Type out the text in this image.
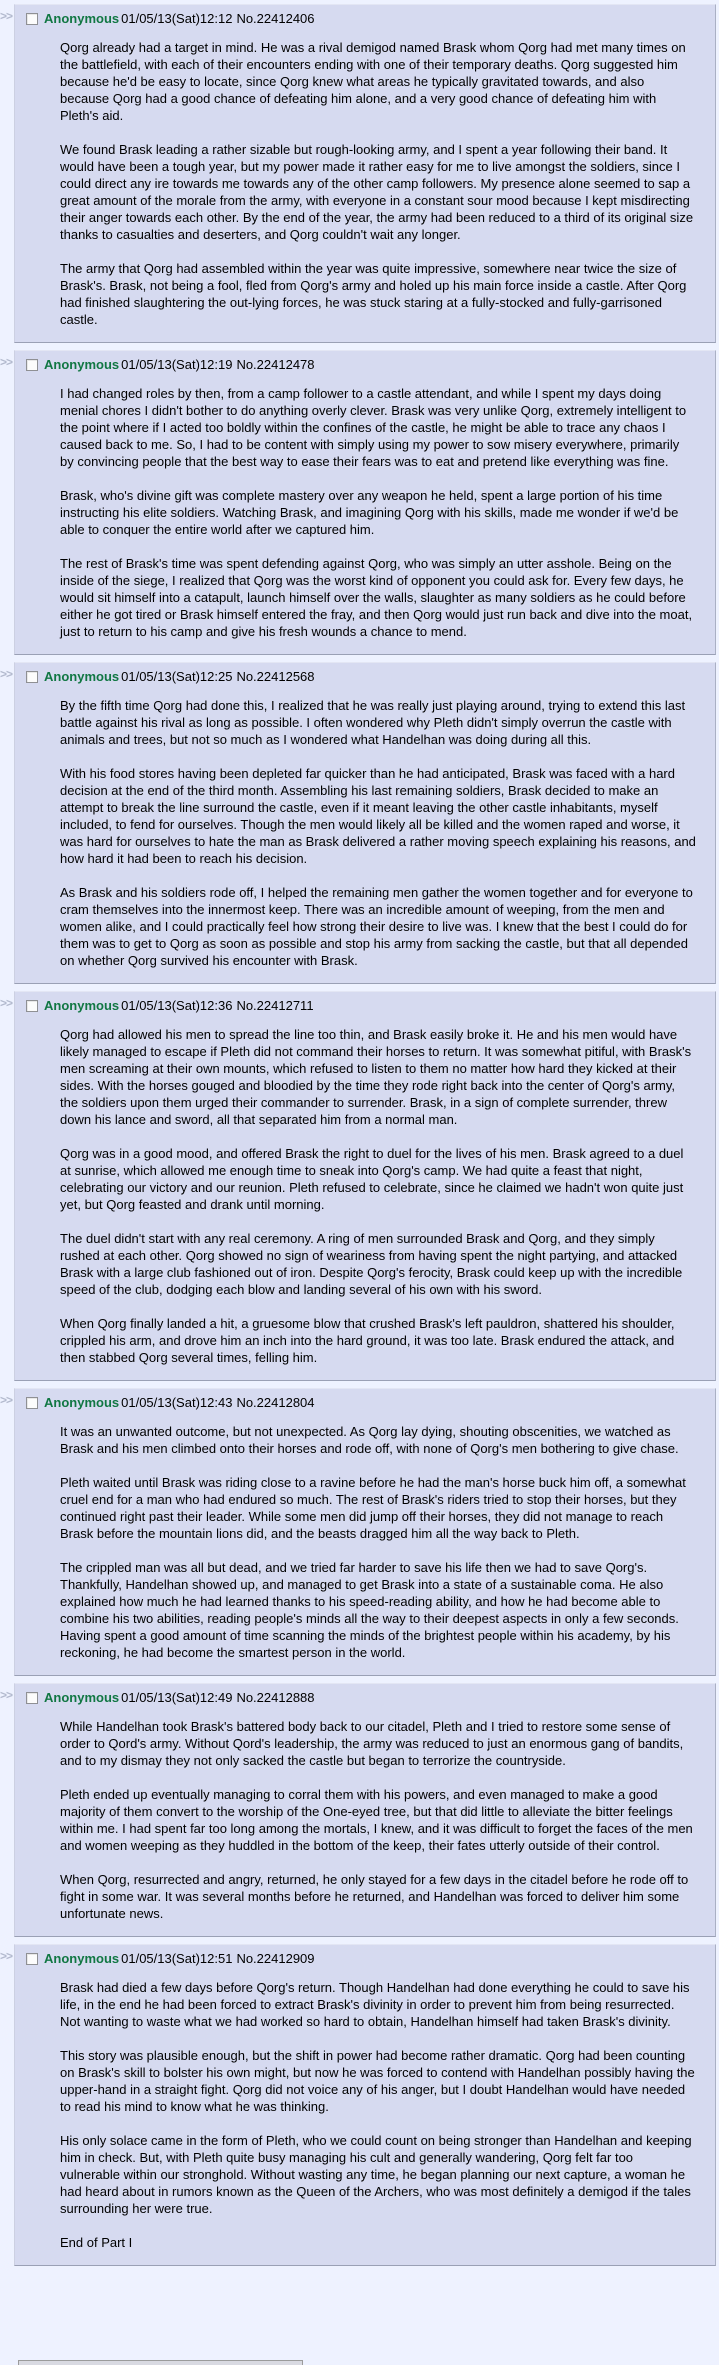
>> Anonymous 01/05/13(Sat)12:12 No.22412406

Qorg already had a target in mind. He was a rival demigod named Brask whom Qorg had met many times on the battlefield, with each of their encounters ending with one of their temporary deaths. Qorg suggested him because he'd be easy to locate, since Qorg knew what areas he typically gravitated towards, and also because Qorg had a good chance of defeating him alone, and a very good chance of defeating him with Pleth's aid.

We found Brask leading a rather sizable but rough-looking army, and I spent a year following their band. It would have been a tough year, but my power made it rather easy for me to live amongst the soldiers, since I could direct any ire towards me towards any of the other camp followers. My presence alone seemed to sap a great amount of the morale from the army, with everyone in a constant sour mood because I kept misdirecting their anger towards each other. By the end of the year, the army had been reduced to a third of its original size thanks to casualties and deserters, and Qorg couldn't wait any longer.

The army that Qorg had assembled within the year was quite impressive, somewhere near twice the size of Brask's. Brask, not being a fool, fled from Qorg's army and holed up his main force inside a castle. After Qorg had finished slaughtering the out-lying forces, he was stuck staring at a fully-stocked and fully-garrisoned castle.

>> Anonymous 01/05/13(Sat)12:19 No.22412478

I had changed roles by then, from a camp follower to a castle attendant, and while I spent my days doing menial chores I didn't bother to do anything overly clever. Brask was very unlike Qorg, extremely intelligent to the point where if I acted too boldly within the confines of the castle, he might be able to trace any chaos I caused back to me. So, I had to be content with simply using my power to sow misery everywhere, primarily by convincing people that the best way to ease their fears was to eat and pretend like everything was fine.

Brask, who's divine gift was complete mastery over any weapon he held, spent a large portion of his time instructing his elite soldiers. Watching Brask, and imagining Qorg with his skills, made me wonder if we'd be able to conquer the entire world after we captured him.

The rest of Brask's time was spent defending against Qorg, who was simply an utter asshole. Being on the inside of the siege, I realized that Qorg was the worst kind of opponent you could ask for. Every few days, he would sit himself into a catapult, launch himself over the walls, slaughter as many soldiers as he could before either he got tired or Brask himself entered the fray, and then Qorg would just run back and dive into the moat, just to return to his camp and give his fresh wounds a chance to mend.

>> Anonymous 01/05/13(Sat)12:25 No.22412568

By the fifth time Qorg had done this, I realized that he was really just playing around, trying to extend this last battle against his rival as long as possible. I often wondered why Pleth didn't simply overrun the castle with animals and trees, but not so much as I wondered what Handelhan was doing during all this.

With his food stores having been depleted far quicker than he had anticipated, Brask was faced with a hard decision at the end of the third month. Assembling his last remaining soldiers, Brask decided to make an attempt to break the line surround the castle, even if it meant leaving the other castle inhabitants, myself included, to fend for ourselves. Though the men would likely all be killed and the women raped and worse, it was hard for ourselves to hate the man as Brask delivered a rather moving speech explaining his reasons, and how hard it had been to reach his decision.

As Brask and his soldiers rode off, I helped the remaining men gather the women together and for everyone to cram themselves into the innermost keep. There was an incredible amount of weeping, from the men and women alike, and I could practically feel how strong their desire to live was. I knew that the best I could do for them was to get to Qorg as soon as possible and stop his army from sacking the castle, but that all depended on whether Qorg survived his encounter with Brask.

>> Anonymous 01/05/13(Sat)12:36 No.22412711

Qorg had allowed his men to spread the line too thin, and Brask easily broke it. He and his men would have likely managed to escape if Pleth did not command their horses to return. It was somewhat pitiful, with Brask's men screaming at their own mounts, which refused to listen to them no matter how hard they kicked at their sides. With the horses gouged and bloodied by the time they rode right back into the center of Qorg's army, the soldiers upon them urged their commander to surrender. Brask, in a sign of complete surrender, threw down his lance and sword, all that separated him from a normal man.

Qorg was in a good mood, and offered Brask the right to duel for the lives of his men. Brask agreed to a duel at sunrise, which allowed me enough time to sneak into Qorg's camp. We had quite a feast that night, celebrating our victory and our reunion. Pleth refused to celebrate, since he claimed we hadn't won quite just yet, but Qorg feasted and drank until morning.

The duel didn't start with any real ceremony. A ring of men surrounded Brask and Qorg, and they simply rushed at each other. Qorg showed no sign of weariness from having spent the night partying, and attacked Brask with a large club fashioned out of iron. Despite Qorg's ferocity, Brask could keep up with the incredible speed of the club, dodging each blow and landing several of his own with his sword.

When Qorg finally landed a hit, a gruesome blow that crushed Brask's left pauldron, shattered his shoulder, crippled his arm, and drove him an inch into the hard ground, it was too late. Brask endured the attack, and then stabbed Qorg several times, felling him.

>> Anonymous 01/05/13(Sat)12:43 No.22412804

It was an unwanted outcome, but not unexpected. As Qorg lay dying, shouting obscenities, we watched as Brask and his men climbed onto their horses and rode off, with none of Qorg's men bothering to give chase.

Pleth waited until Brask was riding close to a ravine before he had the man's horse buck him off, a somewhat cruel end for a man who had endured so much. The rest of Brask's riders tried to stop their horses, but they continued right past their leader. While some men did jump off their horses, they did not manage to reach Brask before the mountain lions did, and the beasts dragged him all the way back to Pleth.

The crippled man was all but dead, and we tried far harder to save his life then we had to save Qorg's. Thankfully, Handelhan showed up, and managed to get Brask into a state of a sustainable coma. He also explained how much he had learned thanks to his speed-reading ability, and how he had become able to combine his two abilities, reading people's minds all the way to their deepest aspects in only a few seconds. Having spent a good amount of time scanning the minds of the brightest people within his academy, by his reckoning, he had become the smartest person in the world.

>> Anonymous 01/05/13(Sat)12:49 No.22412888

While Handelhan took Brask's battered body back to our citadel, Pleth and I tried to restore some sense of order to Qord's army. Without Qord's leadership, the army was reduced to just an enormous gang of bandits, and to my dismay they not only sacked the castle but began to terrorize the countryside.

Pleth ended up eventually managing to corral them with his powers, and even managed to make a good majority of them convert to the worship of the One-eyed tree, but that did little to alleviate the bitter feelings within me. I had spent far too long among the mortals, I knew, and it was difficult to forget the faces of the men and women weeping as they huddled in the bottom of the keep, their fates utterly outside of their control.

When Qorg, resurrected and angry, returned, he only stayed for a few days in the citadel before he rode off to fight in some war. It was several months before he returned, and Handelhan was forced to deliver him some unfortunate news.

>> Anonymous 01/05/13(Sat)12:51 No.22412909

Brask had died a few days before Qorg's return. Though Handelhan had done everything he could to save his life, in the end he had been forced to extract Brask's divinity in order to prevent him from being resurrected. Not wanting to waste what we had worked so hard to obtain, Handelhan himself had taken Brask's divinity.

This story was plausible enough, but the shift in power had become rather dramatic. Qorg had been counting on Brask's skill to bolster his own might, but now he was forced to contend with Handelhan possibly having the upper-hand in a straight fight. Qorg did not voice any of his anger, but I doubt Handelhan would have needed to read his mind to know what he was thinking.

His only solace came in the form of Pleth, who we could count on being stronger than Handelhan and keeping him in check. But, with Pleth quite busy managing his cult and generally wandering, Qorg felt far too vulnerable within our stronghold. Without wasting any time, he began planning our next capture, a woman he had heard about in rumors known as the Queen of the Archers, who was most definitely a demigod if the tales surrounding her were true.

End of Part I
